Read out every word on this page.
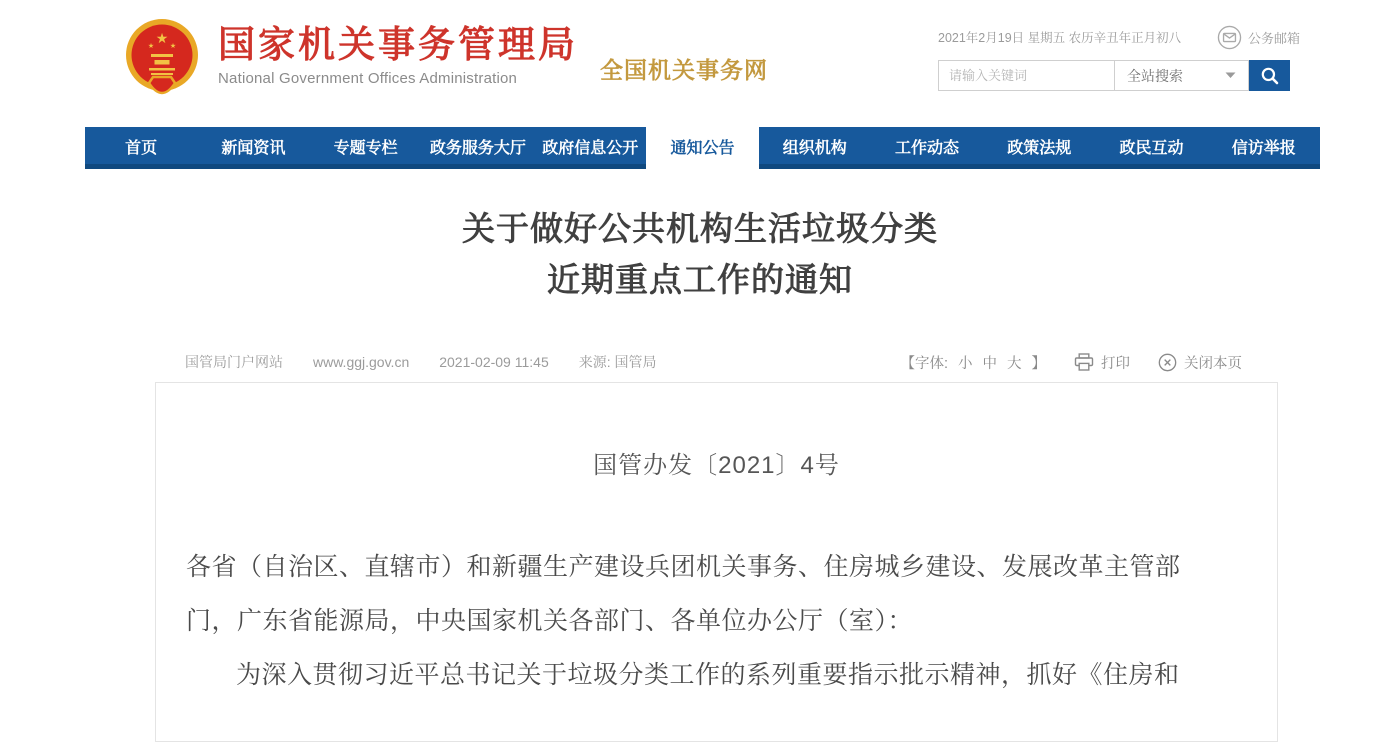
★
★ ★ 国家机关事务管理局
National Government Offices Administration	全国机关事务网
2021年2月19日 星期五 农历辛丑年正月初八	公务邮箱
请输入关键词
全站搜索
首页	新闻资讯	专题专栏	政务服务大厅	政府信息公开	通知公告	组织机构	工作动态	政策法规	政民互动	信访举报
关于做好公共机构生活垃圾分类
近期重点工作的通知
国管局门户网站 www.ggj.gov.cn 2021-02-09 11:45 来源: 国管局	【字体: 小 中 大 】	打印	关闭本页
国管办发〔2021〕4号

各省（自治区、直辖市）和新疆生产建设兵团机关事务、住房城乡建设、发展改革主管部门，广东省能源局，中央国家机关各部门、各单位办公厅（室）：

为深入贯彻习近平总书记关于垃圾分类工作的系列重要指示批示精神，抓好《住房和
